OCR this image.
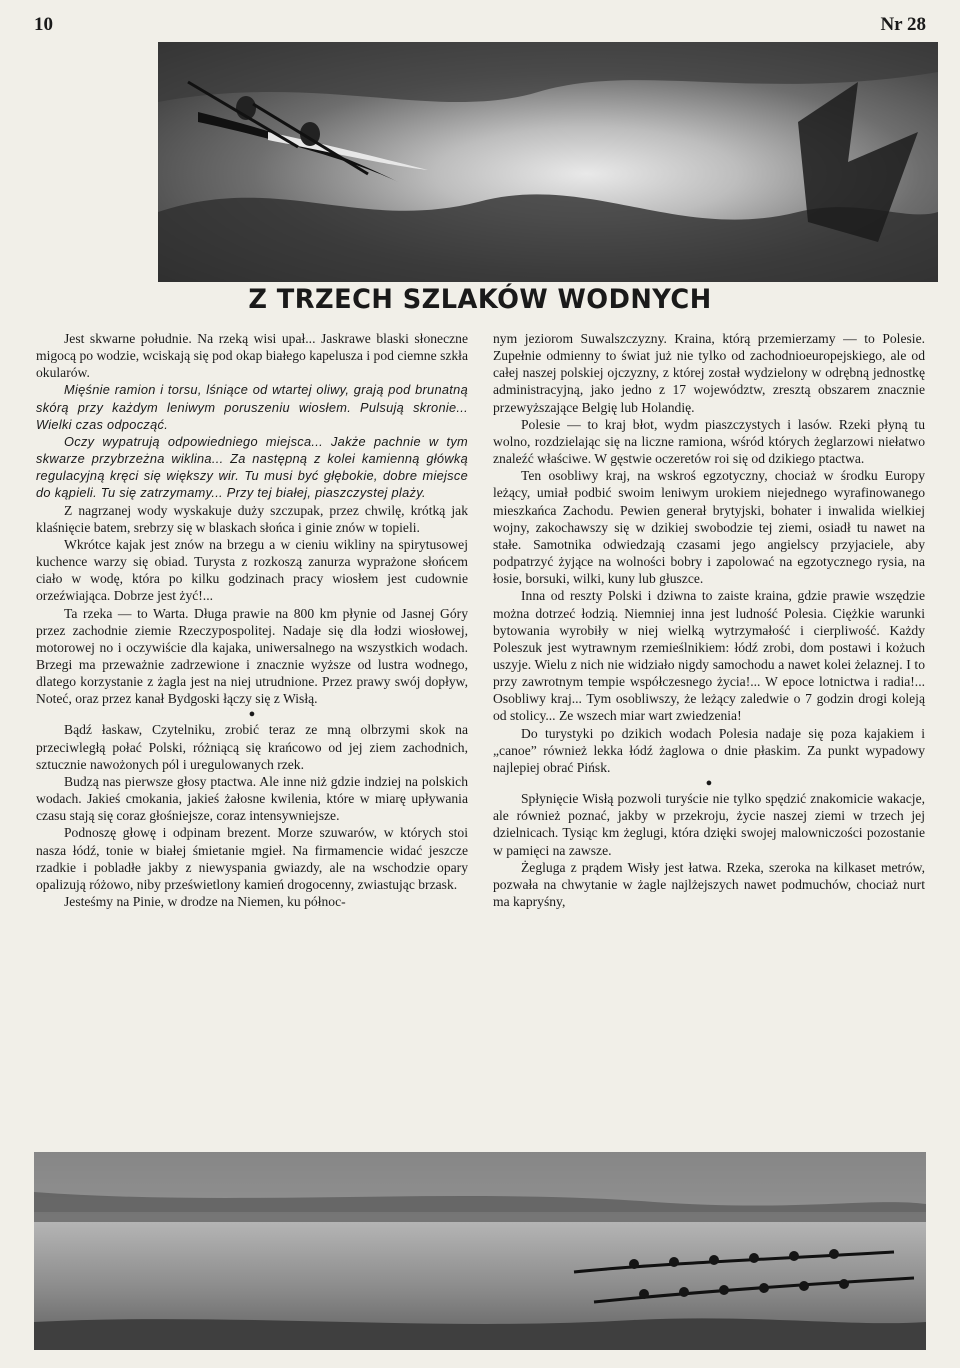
10	Nr 28
Z TRZECH SZLAKÓW WODNYCH

Jest skwarne południe. Na rzeką wisi upał... Jaskrawe blaski słoneczne migocą po wodzie, wciskają się pod okap białego kapelusza i pod ciemne szkła okularów.

Mięśnie ramion i torsu, lśniące od wtartej oliwy, grają pod brunatną skórą przy każdym leniwym poruszeniu wiosłem. Pulsują skronie... Wielki czas odpocząć.

Oczy wypatrują odpowiedniego miejsca... Jakże pachnie w tym skwarze przybrzeżna wiklina... Za następną z kolei kamienną główką regulacyjną kręci się większy wir. Tu musi być głębokie, dobre miejsce do kąpieli. Tu się zatrzymamy... Przy tej białej, piaszczystej plaży.

Z nagrzanej wody wyskakuje duży szczupak, przez chwilę, krótką jak klaśnięcie batem, srebrzy się w blaskach słońca i ginie znów w topieli.

Wkrótce kajak jest znów na brzegu a w cieniu wikliny na spirytusowej kuchence warzy się obiad. Turysta z rozkoszą zanurza wyprażone słońcem ciało w wodę, która po kilku godzinach pracy wiosłem jest cudownie orzeźwiająca. Dobrze jest żyć!...

Ta rzeka — to Warta. Długa prawie na 800 km płynie od Jasnej Góry przez zachodnie ziemie Rzeczypospolitej. Nadaje się dla łodzi wiosłowej, motorowej no i oczywiście dla kajaka, uniwersalnego na wszystkich wodach. Brzegi ma przeważnie zadrzewione i znacznie wyższe od lustra wodnego, dlatego korzystanie z żagla jest na niej utrudnione. Przez prawy swój dopływ, Noteć, oraz przez kanał Bydgoski łączy się z Wisłą.

●

Bądź łaskaw, Czytelniku, zrobić teraz ze mną olbrzymi skok na przeciwległą połać Polski, różniącą się krańcowo od jej ziem zachodnich, sztucznie nawożonych pól i uregulowanych rzek.

Budzą nas pierwsze głosy ptactwa. Ale inne niż gdzie indziej na polskich wodach. Jakieś cmokania, jakieś żałosne kwilenia, które w miarę upływania czasu stają się coraz głośniejsze, coraz intensywniejsze.

Podnoszę głowę i odpinam brezent. Morze szuwarów, w których stoi nasza łódź, tonie w białej śmietanie mgieł. Na firmamencie widać jeszcze rzadkie i pobladłe jakby z niewyspania gwiazdy, ale na wschodzie opary opalizują różowo, niby prześwietlony kamień drogocenny, zwiastując brzask.

Jesteśmy na Pinie, w drodze na Niemen, ku północ-

nym jeziorom Suwalszczyzny. Kraina, którą przemierzamy — to Polesie. Zupełnie odmienny to świat już nie tylko od zachodnioeuropejskiego, ale od całej naszej polskiej ojczyzny, z której został wydzielony w odrębną jednostkę administracyjną, jako jedno z 17 województw, zresztą obszarem znacznie przewyższające Belgię lub Holandię.

Polesie — to kraj błot, wydm piaszczystych i lasów. Rzeki płyną tu wolno, rozdzielając się na liczne ramiona, wśród których żeglarzowi niełatwo znaleźć właściwe. W gęstwie oczeretów roi się od dzikiego ptactwa.

Ten osobliwy kraj, na wskroś egzotyczny, chociaż w środku Europy leżący, umiał podbić swoim leniwym urokiem niejednego wyrafinowanego mieszkańca Zachodu. Pewien generał brytyjski, bohater i inwalida wielkiej wojny, zakochawszy się w dzikiej swobodzie tej ziemi, osiadł tu nawet na stałe. Samotnika odwiedzają czasami jego angielscy przyjaciele, aby podpatrzyć żyjące na wolności bobry i zapolować na egzotycznego rysia, na łosie, borsuki, wilki, kuny lub głuszce.

Inna od reszty Polski i dziwna to zaiste kraina, gdzie prawie wszędzie można dotrzeć łodzią. Niemniej inna jest ludność Polesia. Ciężkie warunki bytowania wyrobiły w niej wielką wytrzymałość i cierpliwość. Każdy Poleszuk jest wytrawnym rzemieślnikiem: łódź zrobi, dom postawi i kożuch uszyje. Wielu z nich nie widziało nigdy samochodu a nawet kolei żelaznej. I to przy zawrotnym tempie współczesnego życia!... W epoce lotnictwa i radia!... Osobliwy kraj... Tym osobliwszy, że leżący zaledwie o 7 godzin drogi koleją od stolicy... Ze wszech miar wart zwiedzenia!

Do turystyki po dzikich wodach Polesia nadaje się poza kajakiem i „canoe” również lekka łódź żaglowa o dnie płaskim. Za punkt wypadowy najlepiej obrać Pińsk.

●

Spłynięcie Wisłą pozwoli turyście nie tylko spędzić znakomicie wakacje, ale również poznać, jakby w przekroju, życie naszej ziemi w trzech jej dzielnicach. Tysiąc km żeglugi, która dzięki swojej malowniczości pozostanie w pamięci na zawsze.

Żegluga z prądem Wisły jest łatwa. Rzeka, szeroka na kilkaset metrów, pozwała na chwytanie w żagle najlżejszych nawet podmuchów, chociaż nurt ma kapryśny,
